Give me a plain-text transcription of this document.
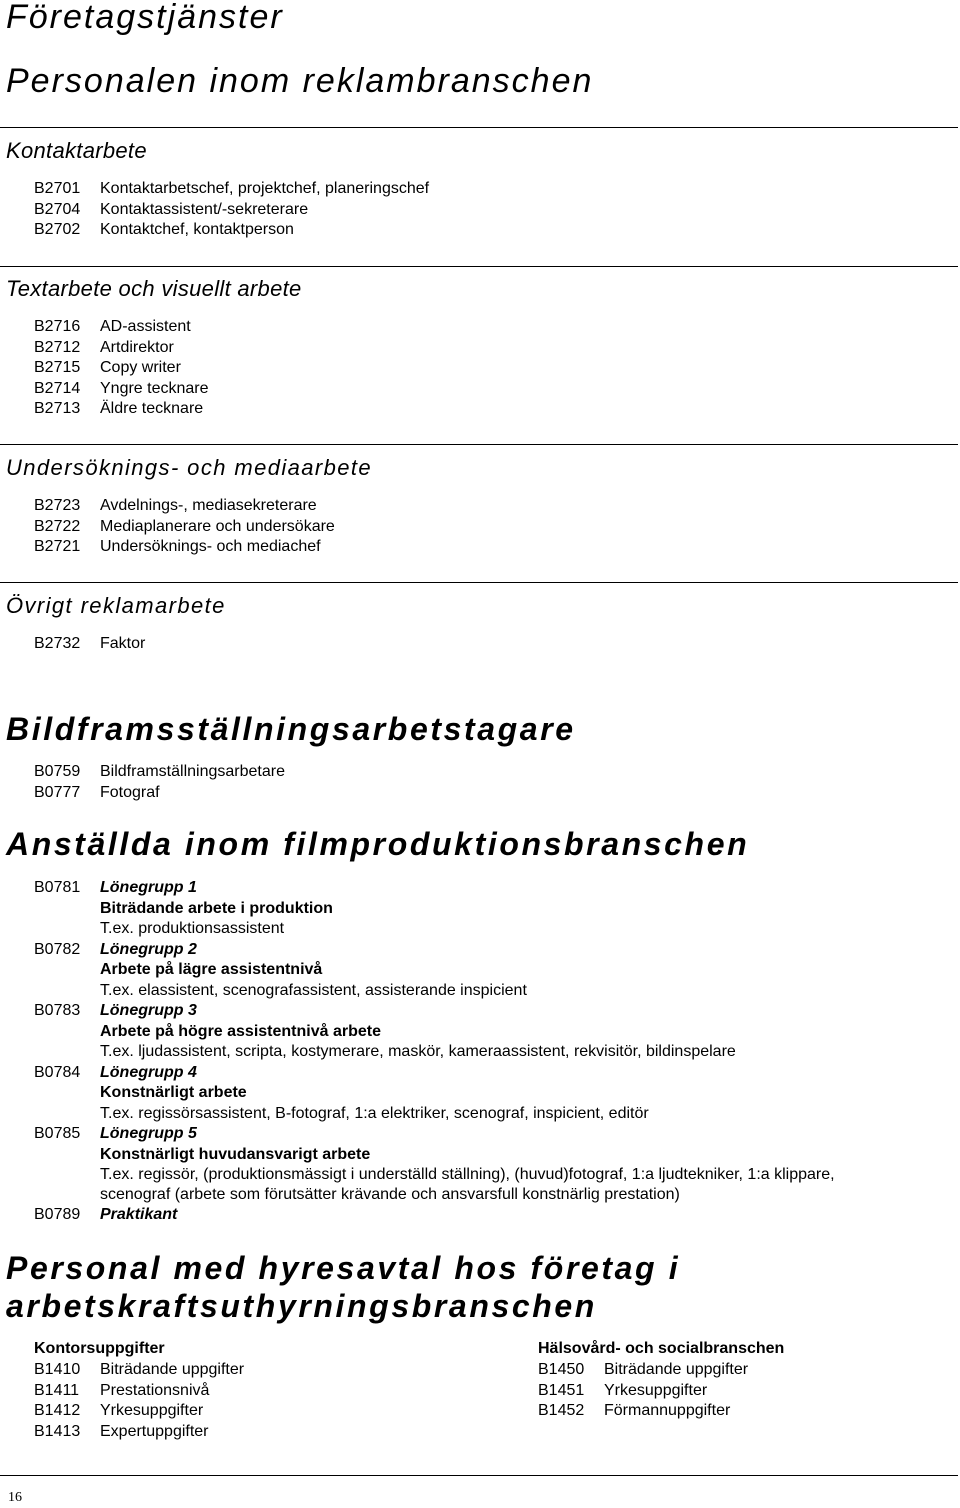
Företagstjänster
Personalen inom reklambranschen
Kontaktarbete
B2701 Kontaktarbetschef, projektchef, planeringschef
B2704 Kontaktassistent/-sekreterare
B2702 Kontaktchef, kontaktperson
Textarbete och visuellt arbete
B2716 AD-assistent
B2712 Artdirektor
B2715 Copy writer
B2714 Yngre tecknare
B2713 Äldre tecknare
Undersöknings- och mediaarbete
B2723 Avdelnings-, mediasekreterare
B2722 Mediaplanerare och undersökare
B2721 Undersöknings- och mediachef
Övrigt reklamarbete
B2732 Faktor
Bildframsställningsarbetstagare
B0759 Bildframställningsarbetare
B0777 Fotograf
Anställda inom filmproduktionsbranschen
B0781 Lönegrupp 1
Biträdande arbete i produktion
T.ex. produktionsassistent
B0782 Lönegrupp 2
Arbete på lägre assistentnivå
T.ex. elassistent, scenografassistent, assisterande inspicient
B0783 Lönegrupp 3
Arbete på högre assistentnivå arbete
T.ex. ljudassistent, scripta, kostymerare, maskör, kameraassistent, rekvisitör, bildinspelare
B0784 Lönegrupp 4
Konstnärligt arbete
T.ex. regissörsassistent, B-fotograf, 1:a elektriker, scenograf, inspicient, editör
B0785 Lönegrupp 5
Konstnärligt huvudansvarigt arbete
T.ex. regissör, (produktionsmässigt i underställd ställning), (huvud)fotograf, 1:a ljudtekniker, 1:a klippare,
scenograf (arbete som förutsätter krävande och ansvarsfull konstnärlig prestation)
B0789 Praktikant
Personal med hyresavtal hos företag i
arbetskraftsuthyrningsbranschen
Kontorsuppgifter
B1410 Biträdande uppgifter
B1411 Prestationsnivå
B1412 Yrkesuppgifter
B1413 Expertuppgifter
Hälsovård- och socialbranschen
B1450 Biträdande uppgifter
B1451 Yrkesuppgifter
B1452 Förmannuppgifter
16
